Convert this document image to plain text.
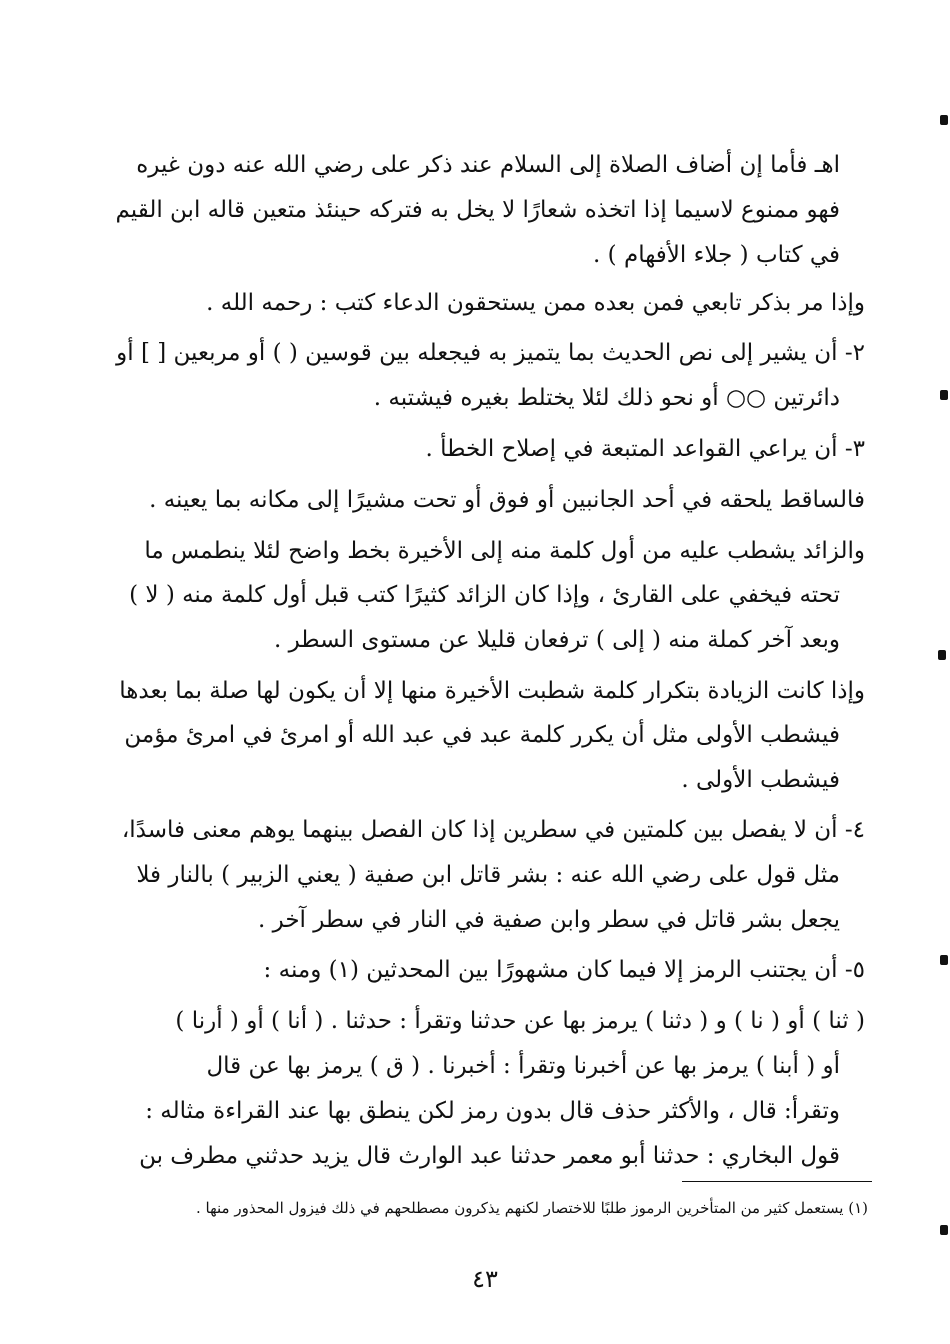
اهـ فأما إن أضاف الصلاة إلى السلام عند ذكر على رضي الله عنه دون غيره
فهو ممنوع لاسيما إذا اتخذه شعارًا لا يخل به فتركه حينئذ متعين قاله ابن القيم
في كتاب ( جلاء الأفهام ) .
وإذا مر بذكر تابعي فمن بعده ممن يستحقون الدعاء كتب : رحمه الله .
٢- أن يشير إلى نص الحديث بما يتميز به فيجعله بين قوسين ( ) أو مربعين [ ] أو
دائرتين ○○ أو نحو ذلك لئلا يختلط بغيره فيشتبه .
٣- أن يراعي القواعد المتبعة في إصلاح الخطأ .
فالساقط يلحقه في أحد الجانبين أو فوق أو تحت مشيرًا إلى مكانه بما يعينه .
والزائد يشطب عليه من أول كلمة منه إلى الأخيرة بخط واضح لئلا ينطمس ما
تحته فيخفي على القارئ ، وإذا كان الزائد كثيرًا كتب قبل أول كلمة منه ( لا )
وبعد آخر كملة منه ( إلى ) ترفعان قليلا عن مستوى السطر .
وإذا كانت الزيادة بتكرار كلمة شطبت الأخيرة منها إلا أن يكون لها صلة بما بعدها
فيشطب الأولى مثل أن يكرر كلمة عبد في عبد الله أو امرئ في امرئ مؤمن
فيشطب الأولى .
٤- أن لا يفصل بين كلمتين في سطرين إذا كان الفصل بينهما يوهم معنى فاسدًا،
مثل قول على رضي الله عنه : بشر قاتل ابن صفية ( يعني الزبير ) بالنار فلا
يجعل بشر قاتل في سطر وابن صفية في النار في سطر آخر .
٥- أن يجتنب الرمز إلا فيما كان مشهورًا بين المحدثين (١) ومنه :
( ثنا ) أو ( نا ) و ( دثنا ) يرمز بها عن حدثنا وتقرأ : حدثنا . ( أنا ) أو ( أرنا )
أو ( أبنا ) يرمز بها عن أخبرنا وتقرأ : أخبرنا . ( ق ) يرمز بها عن قال
وتقرأ: قال ، والأكثر حذف قال بدون رمز لكن ينطق بها عند القراءة مثاله :
قول البخاري : حدثنا أبو معمر حدثنا عبد الوارث قال يزيد حدثني مطرف بن
(١) يستعمل كثير من المتأخرين الرموز طلبًا للاختصار لكنهم يذكرون مصطلحهم في ذلك فيزول المحذور منها .
٤٣
